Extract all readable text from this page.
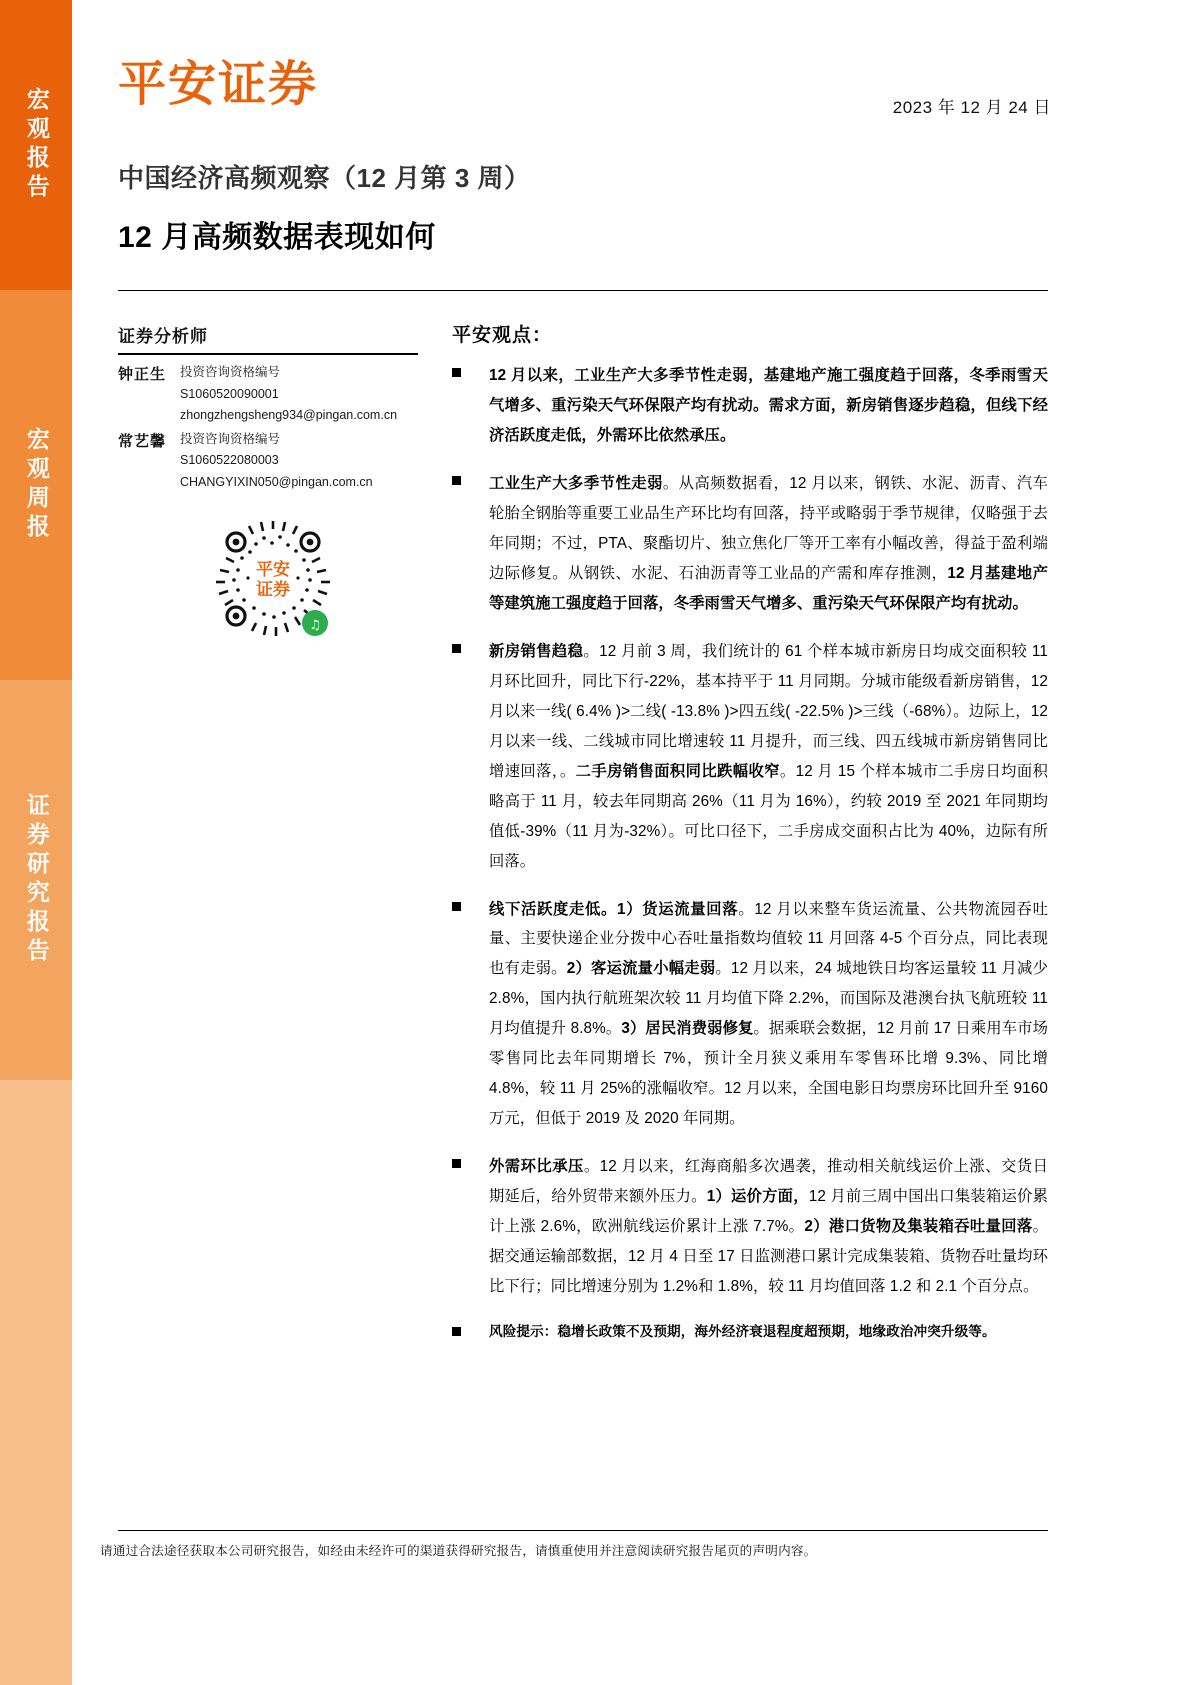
宏观报告
宏观周报
证券研究报告
平安证券	2023 年 12 月 24 日
中国经济高频观察（12 月第 3 周）
12 月高频数据表现如何
证券分析师
钟正生	投资咨询资格编号
S1060520090001
zhongzhengsheng934@pingan.com.cn
常艺馨	投资咨询资格编号
S1060522080003
CHANGYIXIN050@pingan.com.cn
平安
证券
♫
平安观点：
12 月以来，工业生产大多季节性走弱，基建地产施工强度趋于回落，冬季雨雪天气增多、重污染天气环保限产均有扰动。需求方面，新房销售逐步趋稳，但线下经济活跃度走低，外需环比依然承压。
工业生产大多季节性走弱。从高频数据看，12 月以来，钢铁、水泥、沥青、汽车轮胎全钢胎等重要工业品生产环比均有回落，持平或略弱于季节规律，仅略强于去年同期；不过，PTA、聚酯切片、独立焦化厂等开工率有小幅改善，得益于盈利端边际修复。从钢铁、水泥、石油沥青等工业品的产需和库存推测，12 月基建地产等建筑施工强度趋于回落，冬季雨雪天气增多、重污染天气环保限产均有扰动。
新房销售趋稳。12 月前 3 周，我们统计的 61 个样本城市新房日均成交面积较 11 月环比回升，同比下行-22%，基本持平于 11 月同期。分城市能级看新房销售，12 月以来一线( 6.4% )>二线( -13.8% )>四五线( -22.5% )>三线（-68%）。边际上，12 月以来一线、二线城市同比增速较 11 月提升，而三线、四五线城市新房销售同比增速回落，。二手房销售面积同比跌幅收窄。12 月 15 个样本城市二手房日均面积略高于 11 月，较去年同期高 26%（11 月为 16%），约较 2019 至 2021 年同期均值低-39%（11 月为-32%）。可比口径下，二手房成交面积占比为 40%，边际有所回落。
线下活跃度走低。1）货运流量回落。12 月以来整车货运流量、公共物流园吞吐量、主要快递企业分拨中心吞吐量指数均值较 11 月回落 4-5 个百分点，同比表现也有走弱。2）客运流量小幅走弱。12 月以来，24 城地铁日均客运量较 11 月减少 2.8%，国内执行航班架次较 11 月均值下降 2.2%，而国际及港澳台执飞航班较 11 月均值提升 8.8%。3）居民消费弱修复。据乘联会数据，12 月前 17 日乘用车市场零售同比去年同期增长 7%，预计全月狭义乘用车零售环比增 9.3%、同比增 4.8%，较 11 月 25%的涨幅收窄。12 月以来，全国电影日均票房环比回升至 9160 万元，但低于 2019 及 2020 年同期。
外需环比承压。12 月以来，红海商船多次遇袭，推动相关航线运价上涨、交货日期延后，给外贸带来额外压力。1）运价方面，12 月前三周中国出口集装箱运价累计上涨 2.6%，欧洲航线运价累计上涨 7.7%。2）港口货物及集装箱吞吐量回落。据交通运输部数据，12 月 4 日至 17 日监测港口累计完成集装箱、货物吞吐量均环比下行；同比增速分别为 1.2%和 1.8%，较 11 月均值回落 1.2 和 2.1 个百分点。
风险提示：稳增长政策不及预期，海外经济衰退程度超预期，地缘政治冲突升级等。
请通过合法途径获取本公司研究报告，如经由未经许可的渠道获得研究报告，请慎重使用并注意阅读研究报告尾页的声明内容。
